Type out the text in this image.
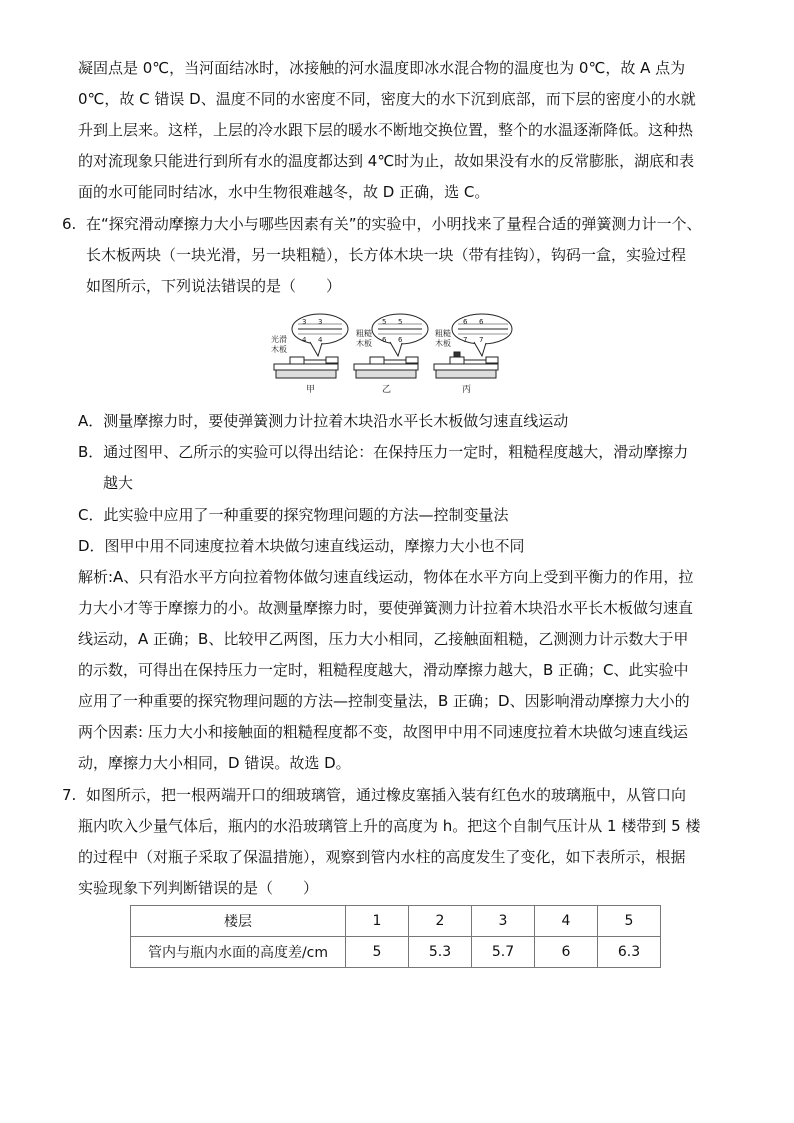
凝固点是 0℃，当河面结冰时，冰接触的河水温度即冰水混合物的温度也为 0℃，故 A 点为
0℃，故 C 错误 D、温度不同的水密度不同，密度大的水下沉到底部，而下层的密度小的水就
升到上层来。这样，上层的冷水跟下层的暖水不断地交换位置，整个的水温逐渐降低。这种热
的对流现象只能进行到所有水的温度都达到 4℃时为止，故如果没有水的反常膨胀，湖底和表
面的水可能同时结冰，水中生物很难越冬，故 D 正确，选 C。
6. 在“探究滑动摩擦力大小与哪些因素有关”的实验中，小明找来了量程合适的弹簧测力计一个、
长木板两块（一块光滑，另一块粗糙），长方体木块一块（带有挂钩），钩码一盒，实验过程
如图所示，下列说法错误的是（　　）
3 3
4 4
5 5
6 6
6 6
7 7
光滑
木板
粗糙
木板
粗糙
木板
甲	乙	丙
A．测量摩擦力时，要使弹簧测力计拉着木块沿水平长木板做匀速直线运动
B．通过图甲、乙所示的实验可以得出结论：在保持压力一定时，粗糙程度越大，滑动摩擦力
越大
C．此实验中应用了一种重要的探究物理问题的方法—控制变量法
D．图甲中用不同速度拉着木块做匀速直线运动，摩擦力大小也不同
解析:A、只有沿水平方向拉着物体做匀速直线运动，物体在水平方向上受到平衡力的作用，拉
力大小才等于摩擦力的小。故测量摩擦力时，要使弹簧测力计拉着木块沿水平长木板做匀速直
线运动，A 正确；B、比较甲乙两图，压力大小相同，乙接触面粗糙，乙测测力计示数大于甲
的示数，可得出在保持压力一定时，粗糙程度越大，滑动摩擦力越大，B 正确；C、此实验中
应用了一种重要的探究物理问题的方法—控制变量法，B 正确；D、因影响滑动摩擦力大小的
两个因素: 压力大小和接触面的粗糙程度都不变，故图甲中用不同速度拉着木块做匀速直线运
动，摩擦力大小相同，D 错误。故选 D。
7. 如图所示，把一根两端开口的细玻璃管，通过橡皮塞插入装有红色水的玻璃瓶中，从管口向
瓶内吹入少量气体后，瓶内的水沿玻璃管上升的高度为 h。把这个自制气压计从 1 楼带到 5 楼
的过程中（对瓶子采取了保温措施），观察到管内水柱的高度发生了变化，如下表所示，根据
实验现象下列判断错误的是（　　）
楼层	1	2	3	4	5
管内与瓶内水面的高度差/cm	5	5.3	5.7	6	6.3
